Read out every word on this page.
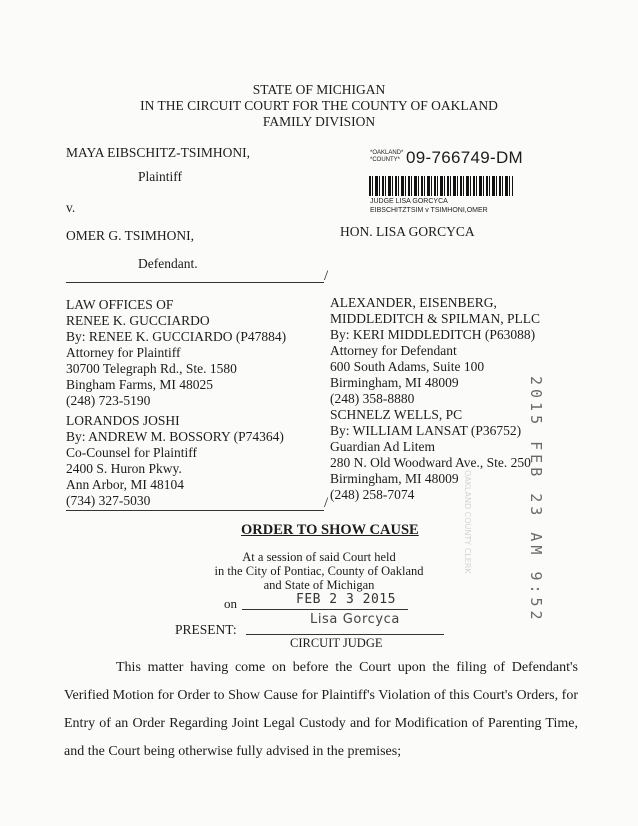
STATE OF MICHIGAN
IN THE CIRCUIT COURT FOR THE COUNTY OF OAKLAND
FAMILY DIVISION
MAYA EIBSCHITZ-TSIMHONI,
Plaintiff
v.
OMER G. TSIMHONI,
Defendant.
/
*OAKLAND*
*COUNTY* 09-766749-DM
JUDGE LISA GORCYCA
EIBSCHITZTSIM v TSIMHONI,OMER
HON. LISA GORCYCA
LAW OFFICES OF
RENEE K. GUCCIARDO
By: RENEE K. GUCCIARDO (P47884)
Attorney for Plaintiff
30700 Telegraph Rd., Ste. 1580
Bingham Farms, MI 48025
(248) 723-5190
LORANDOS JOSHI
By: ANDREW M. BOSSORY (P74364)
Co-Counsel for Plaintiff
2400 S. Huron Pkwy.
Ann Arbor, MI 48104
(734) 327-5030
ALEXANDER, EISENBERG,
MIDDLEDITCH & SPILMAN, PLLC
By: KERI MIDDLEDITCH (P63088)
Attorney for Defendant
600 South Adams, Suite 100
Birmingham, MI 48009
(248) 358-8880
SCHNELZ WELLS, PC
By: WILLIAM LANSAT (P36752)
Guardian Ad Litem
280 N. Old Woodward Ave., Ste. 250
Birmingham, MI 48009
(248) 258-7074
/	2015 FEB 23 AM 9:52
OAKLAND COUNTY CLERK
ORDER TO SHOW CAUSE
At a session of said Court held
in the City of Pontiac, County of Oakland
and State of Michigan
on	FEB 2 3 2015
Lisa Gorcyca
PRESENT:
CIRCUIT JUDGE
This matter having come on before the Court upon the filing of Defendant's Verified Motion for Order to Show Cause for Plaintiff's Violation of this Court's Orders, for Entry of an Order Regarding Joint Legal Custody and for Modification of Parenting Time, and the Court being otherwise fully advised in the premises;
